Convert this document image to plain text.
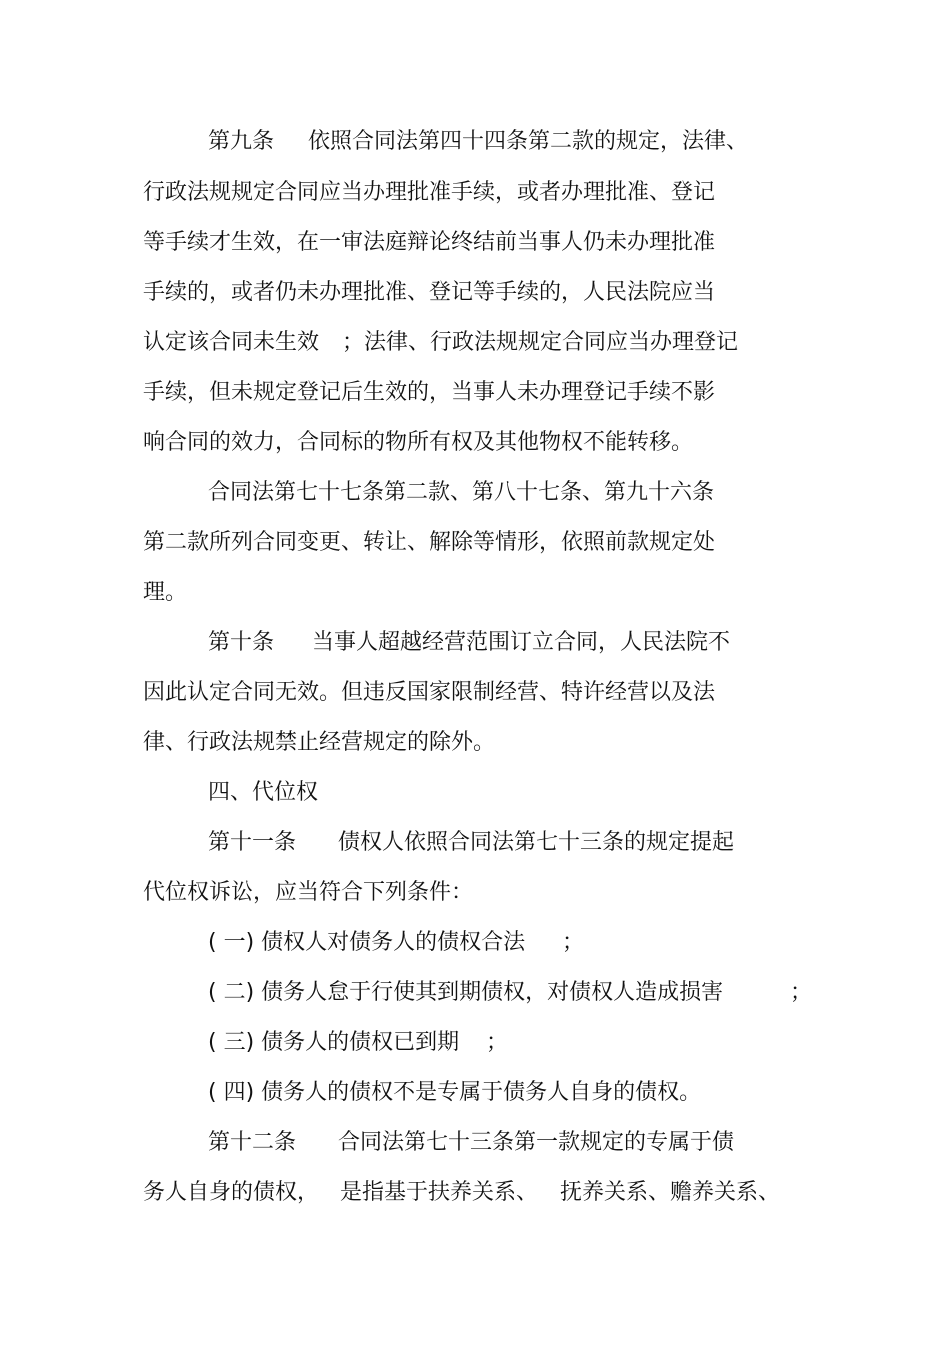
第九条

依照合同法第四十四条第二款的规定，法律、

行政法规规定合同应当办理批准手续，或者办理批准、登记

等手续才生效，在一审法庭辩论终结前当事人仍未办理批准

手续的，或者仍未办理批准、登记等手续的，人民法院应当

认定该合同未生效

；法律、行政法规规定合同应当办理登记

手续，但未规定登记后生效的，当事人未办理登记手续不影

响合同的效力，合同标的物所有权及其他物权不能转移。

合同法第七十七条第二款、第八十七条、第九十六条

第二款所列合同变更、转让、解除等情形，依照前款规定处

理。

第十条

当事人超越经营范围订立合同，人民法院不

因此认定合同无效。但违反国家限制经营、特许经营以及法

律、行政法规禁止经营规定的除外。

四、代位权

第十一条

债权人依照合同法第七十三条的规定提起

代位权诉讼，应当符合下列条件：

( 一) 债权人对债务人的债权合法

；

( 二) 债务人怠于行使其到期债权，对债权人造成损害

	；

( 三) 债务人的债权已到期

；

( 四) 债务人的债权不是专属于债务人自身的债权。

第十二条

合同法第七十三条第一款规定的专属于债

务人自身的债权，

是指基于扶养关系、

抚养关系、赡养关系、
